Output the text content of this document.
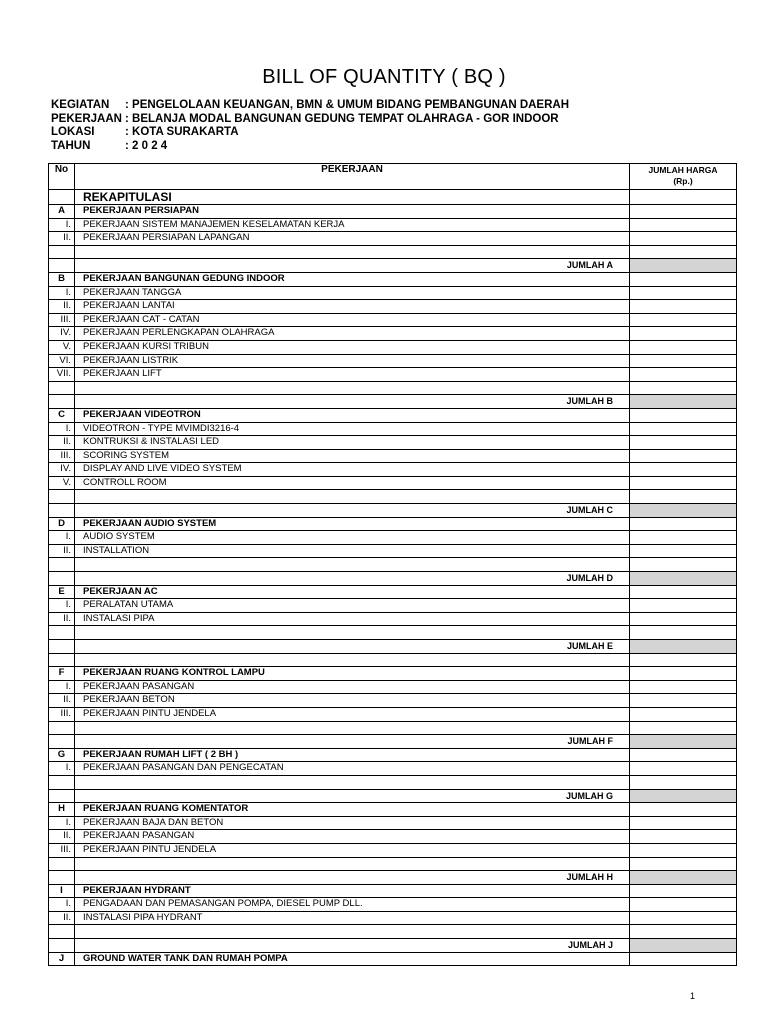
BILL OF QUANTITY ( BQ )
KEGIATAN	: PENGELOLAAN KEUANGAN, BMN & UMUM BIDANG PEMBANGUNAN DAERAH
PEKERJAAN : BELANJA MODAL BANGUNAN GEDUNG TEMPAT OLAHRAGA - GOR INDOOR
LOKASI	: KOTA SURAKARTA
TAHUN	: 2 0 2 4
No	PEKERJAAN	JUMLAH HARGA
(Rp.)
	REKAPITULASI	
A	PEKERJAAN PERSIAPAN	
I.	PEKERJAAN SISTEM MANAJEMEN KESELAMATAN KERJA	
II.	PEKERJAAN PERSIAPAN LAPANGAN	

	JUMLAH A	
B	PEKERJAAN BANGUNAN GEDUNG INDOOR	
I.	PEKERJAAN TANGGA	
II.	PEKERJAAN LANTAI	
III.	PEKERJAAN CAT - CATAN	
IV.	PEKERJAAN PERLENGKAPAN OLAHRAGA	
V.	PEKERJAAN KURSI TRIBUN	
VI.	PEKERJAAN LISTRIK	
VII.	PEKERJAAN LIFT	

	JUMLAH B	
C	PEKERJAAN VIDEOTRON	
I.	VIDEOTRON - TYPE MVIMDI3216-4	
II.	KONTRUKSI & INSTALASI LED	
III.	SCORING SYSTEM	
IV.	DISPLAY AND LIVE VIDEO SYSTEM	
V.	CONTROLL ROOM	

	JUMLAH C	
D	PEKERJAAN AUDIO SYSTEM	
I.	AUDIO SYSTEM	
II.	INSTALLATION	

	JUMLAH D	
E	PEKERJAAN AC	
I.	PERALATAN UTAMA	
II.	INSTALASI PIPA	

	JUMLAH E	

F	PEKERJAAN RUANG KONTROL LAMPU	
I.	PEKERJAAN PASANGAN	
II.	PEKERJAAN BETON	
III.	PEKERJAAN PINTU JENDELA	

	JUMLAH F	
G	PEKERJAAN RUMAH LIFT ( 2 BH )	
I.	PEKERJAAN PASANGAN DAN PENGECATAN	

	JUMLAH G	
H	PEKERJAAN RUANG KOMENTATOR	
I.	PEKERJAAN BAJA DAN BETON	
II.	PEKERJAAN PASANGAN	
III.	PEKERJAAN PINTU JENDELA	

	JUMLAH H	
I	PEKERJAAN HYDRANT	
I.	PENGADAAN DAN PEMASANGAN POMPA, DIESEL PUMP DLL.	
II.	INSTALASI PIPA HYDRANT	

	JUMLAH J	
J	GROUND WATER TANK DAN RUMAH POMPA	
1
